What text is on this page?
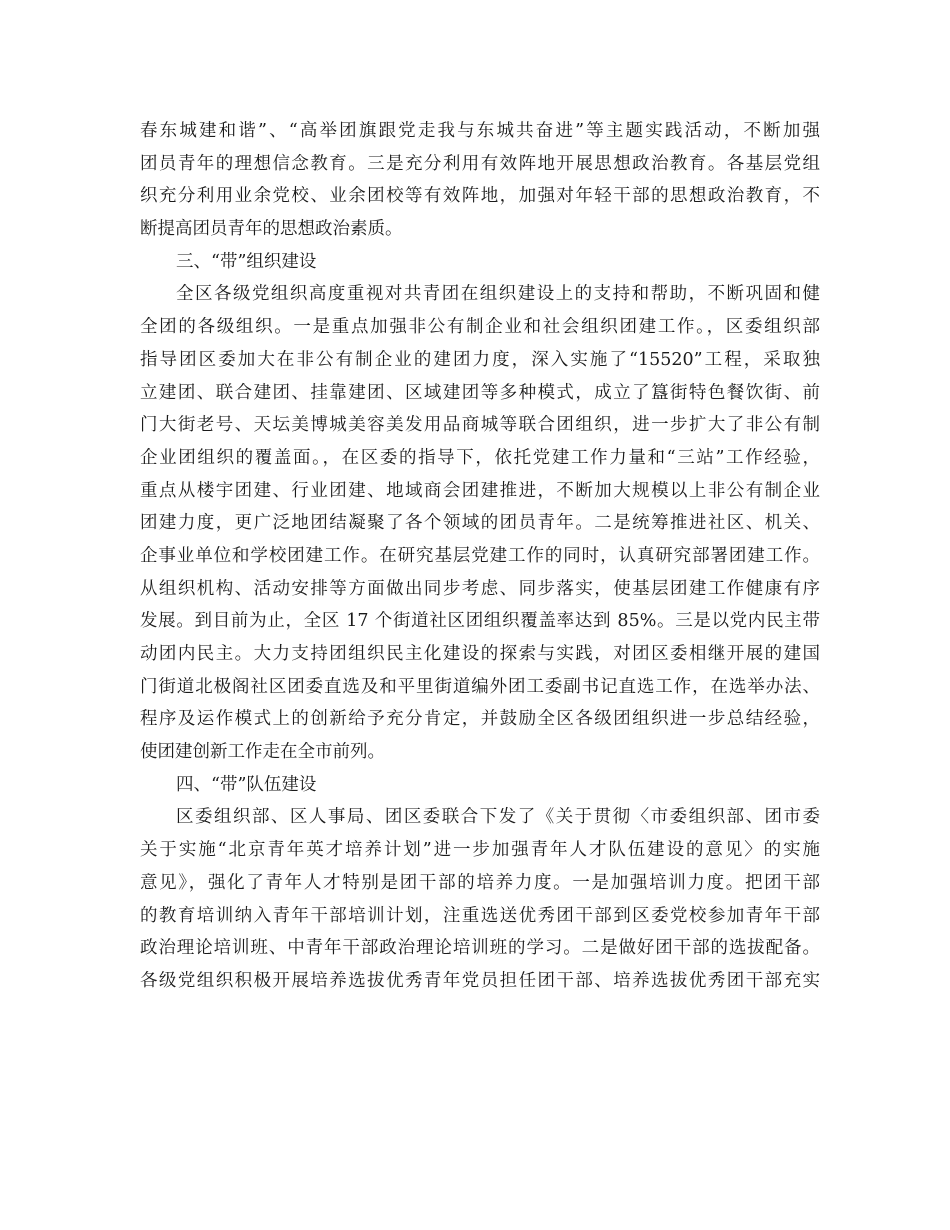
春东城建和谐”、“高举团旗跟党走我与东城共奋进”等主题实践活动，不断加强
团员青年的理想信念教育。三是充分利用有效阵地开展思想政治教育。各基层党组
织充分利用业余党校、业余团校等有效阵地，加强对年轻干部的思想政治教育，不
断提高团员青年的思想政治素质。
三、“带”组织建设
全区各级党组织高度重视对共青团在组织建设上的支持和帮助，不断巩固和健
全团的各级组织。一是重点加强非公有制企业和社会组织团建工作。，区委组织部
指导团区委加大在非公有制企业的建团力度，深入实施了“15520”工程，采取独
立建团、联合建团、挂靠建团、区域建团等多种模式，成立了簋街特色餐饮街、前
门大街老号、天坛美博城美容美发用品商城等联合团组织，进一步扩大了非公有制
企业团组织的覆盖面。，在区委的指导下，依托党建工作力量和“三站”工作经验，
重点从楼宇团建、行业团建、地域商会团建推进，不断加大规模以上非公有制企业
团建力度，更广泛地团结凝聚了各个领域的团员青年。二是统筹推进社区、机关、
企事业单位和学校团建工作。在研究基层党建工作的同时，认真研究部署团建工作。
从组织机构、活动安排等方面做出同步考虑、同步落实，使基层团建工作健康有序
发展。到目前为止，全区 17 个街道社区团组织覆盖率达到 85%。三是以党内民主带
动团内民主。大力支持团组织民主化建设的探索与实践，对团区委相继开展的建国
门街道北极阁社区团委直选及和平里街道编外团工委副书记直选工作，在选举办法、
程序及运作模式上的创新给予充分肯定，并鼓励全区各级团组织进一步总结经验，
使团建创新工作走在全市前列。
四、“带”队伍建设
区委组织部、区人事局、团区委联合下发了《关于贯彻〈市委组织部、团市委
关于实施“北京青年英才培养计划”进一步加强青年人才队伍建设的意见〉的实施
意见》，强化了青年人才特别是团干部的培养力度。一是加强培训力度。把团干部
的教育培训纳入青年干部培训计划，注重选送优秀团干部到区委党校参加青年干部
政治理论培训班、中青年干部政治理论培训班的学习。二是做好团干部的选拔配备。
各级党组织积极开展培养选拔优秀青年党员担任团干部、培养选拔优秀团干部充实
